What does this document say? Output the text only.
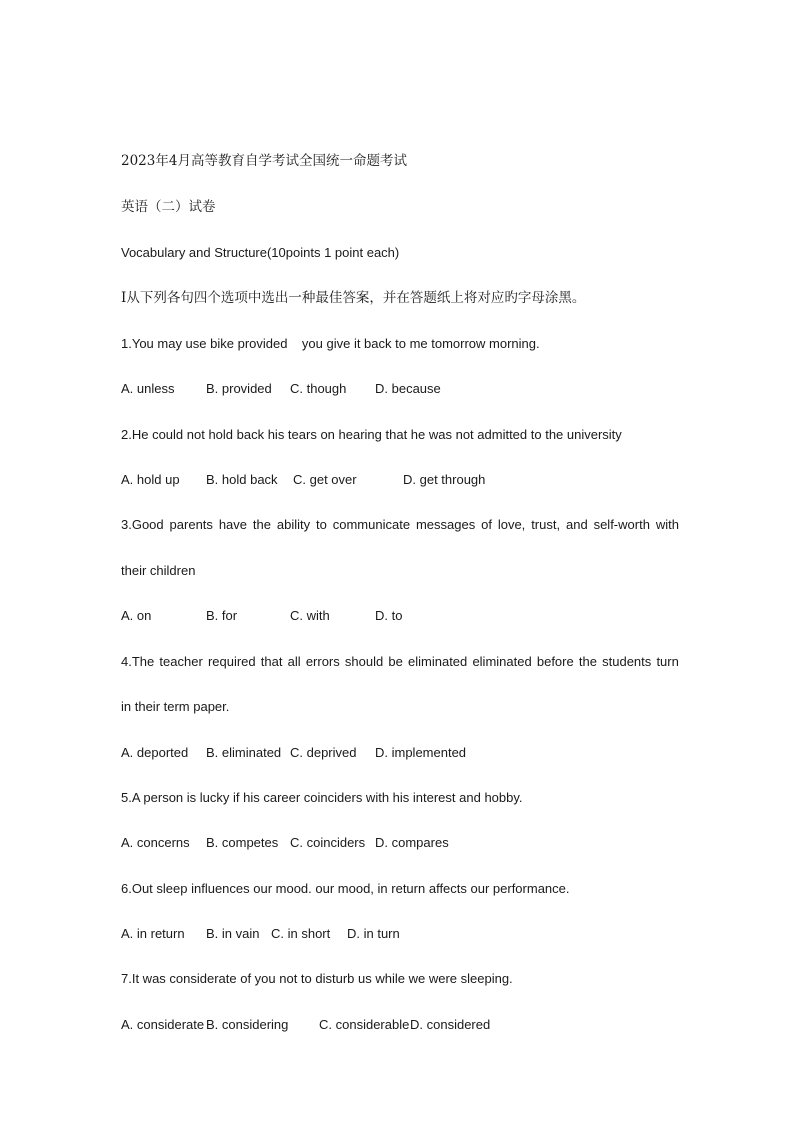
2023年4月高等教育自学考试全国统一命题考试
英语（二）试卷
Vocabulary and Structure(10points 1 point each)
Ⅰ从下列各句四个选项中选出一种最佳答案，并在答题纸上将对应旳字母涂黑。
1.You may use bike provided    you give it back to me tomorrow morning.
A. unless B. provided C. though D. because
2.He could not hold back his tears on hearing that he was not admitted to the university
A. hold up B. hold back C. get over	D. get through
3.Good parents have the ability to communicate messages of love, trust, and self-worth with
their children
A. on	B. for	C. with	D. to
4.The teacher required that all errors should be eliminated eliminated before the students turn
in their term paper.
A. deported B. eliminated C. deprived D. implemented
5.A person is lucky if his career coinciders with his interest and hobby.
A. concerns B. competes C. coinciders D. compares
6.Out sleep influences our mood. our mood, in return affects our performance.
A. in return B. in vain C. in short D. in turn
7.It was considerate of you not to disturb us while we were sleeping.
A. considerate B. considering C. considerable D. considered
